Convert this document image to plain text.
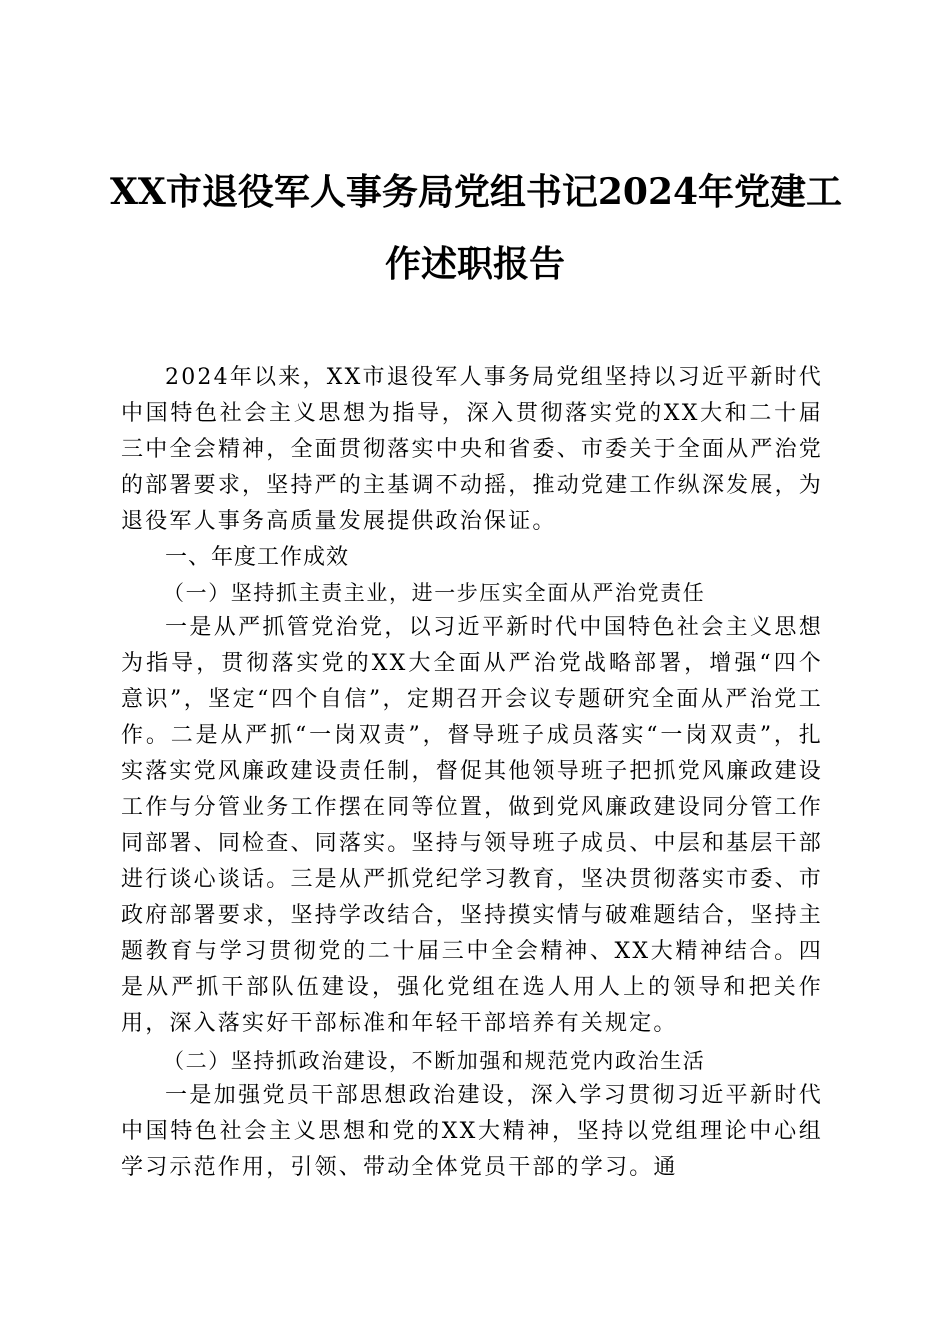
XX市退役军人事务局党组书记2024年党建工
作述职报告

2024年以来，XX市退役军人事务局党组坚持以习近平新时代中国特色社会主义思想为指导，深入贯彻落实党的XX大和二十届三中全会精神，全面贯彻落实中央和省委、市委关于全面从严治党的部署要求，坚持严的主基调不动摇，推动党建工作纵深发展，为退役军人事务高质量发展提供政治保证。

一、年度工作成效

（一）坚持抓主责主业，进一步压实全面从严治党责任

一是从严抓管党治党，以习近平新时代中国特色社会主义思想为指导，贯彻落实党的XX大全面从严治党战略部署，增强“四个意识”，坚定“四个自信”，定期召开会议专题研究全面从严治党工作。二是从严抓“一岗双责”，督导班子成员落实“一岗双责”，扎实落实党风廉政建设责任制，督促其他领导班子把抓党风廉政建设工作与分管业务工作摆在同等位置，做到党风廉政建设同分管工作同部署、同检查、同落实。坚持与领导班子成员、中层和基层干部进行谈心谈话。三是从严抓党纪学习教育，坚决贯彻落实市委、市政府部署要求，坚持学改结合，坚持摸实情与破难题结合，坚持主题教育与学习贯彻党的二十届三中全会精神、XX大精神结合。四是从严抓干部队伍建设，强化党组在选人用人上的领导和把关作用，深入落实好干部标准和年轻干部培养有关规定。

（二）坚持抓政治建设，不断加强和规范党内政治生活

一是加强党员干部思想政治建设，深入学习贯彻习近平新时代中国特色社会主义思想和党的XX大精神，坚持以党组理论中心组学习示范作用，引领、带动全体党员干部的学习。通
